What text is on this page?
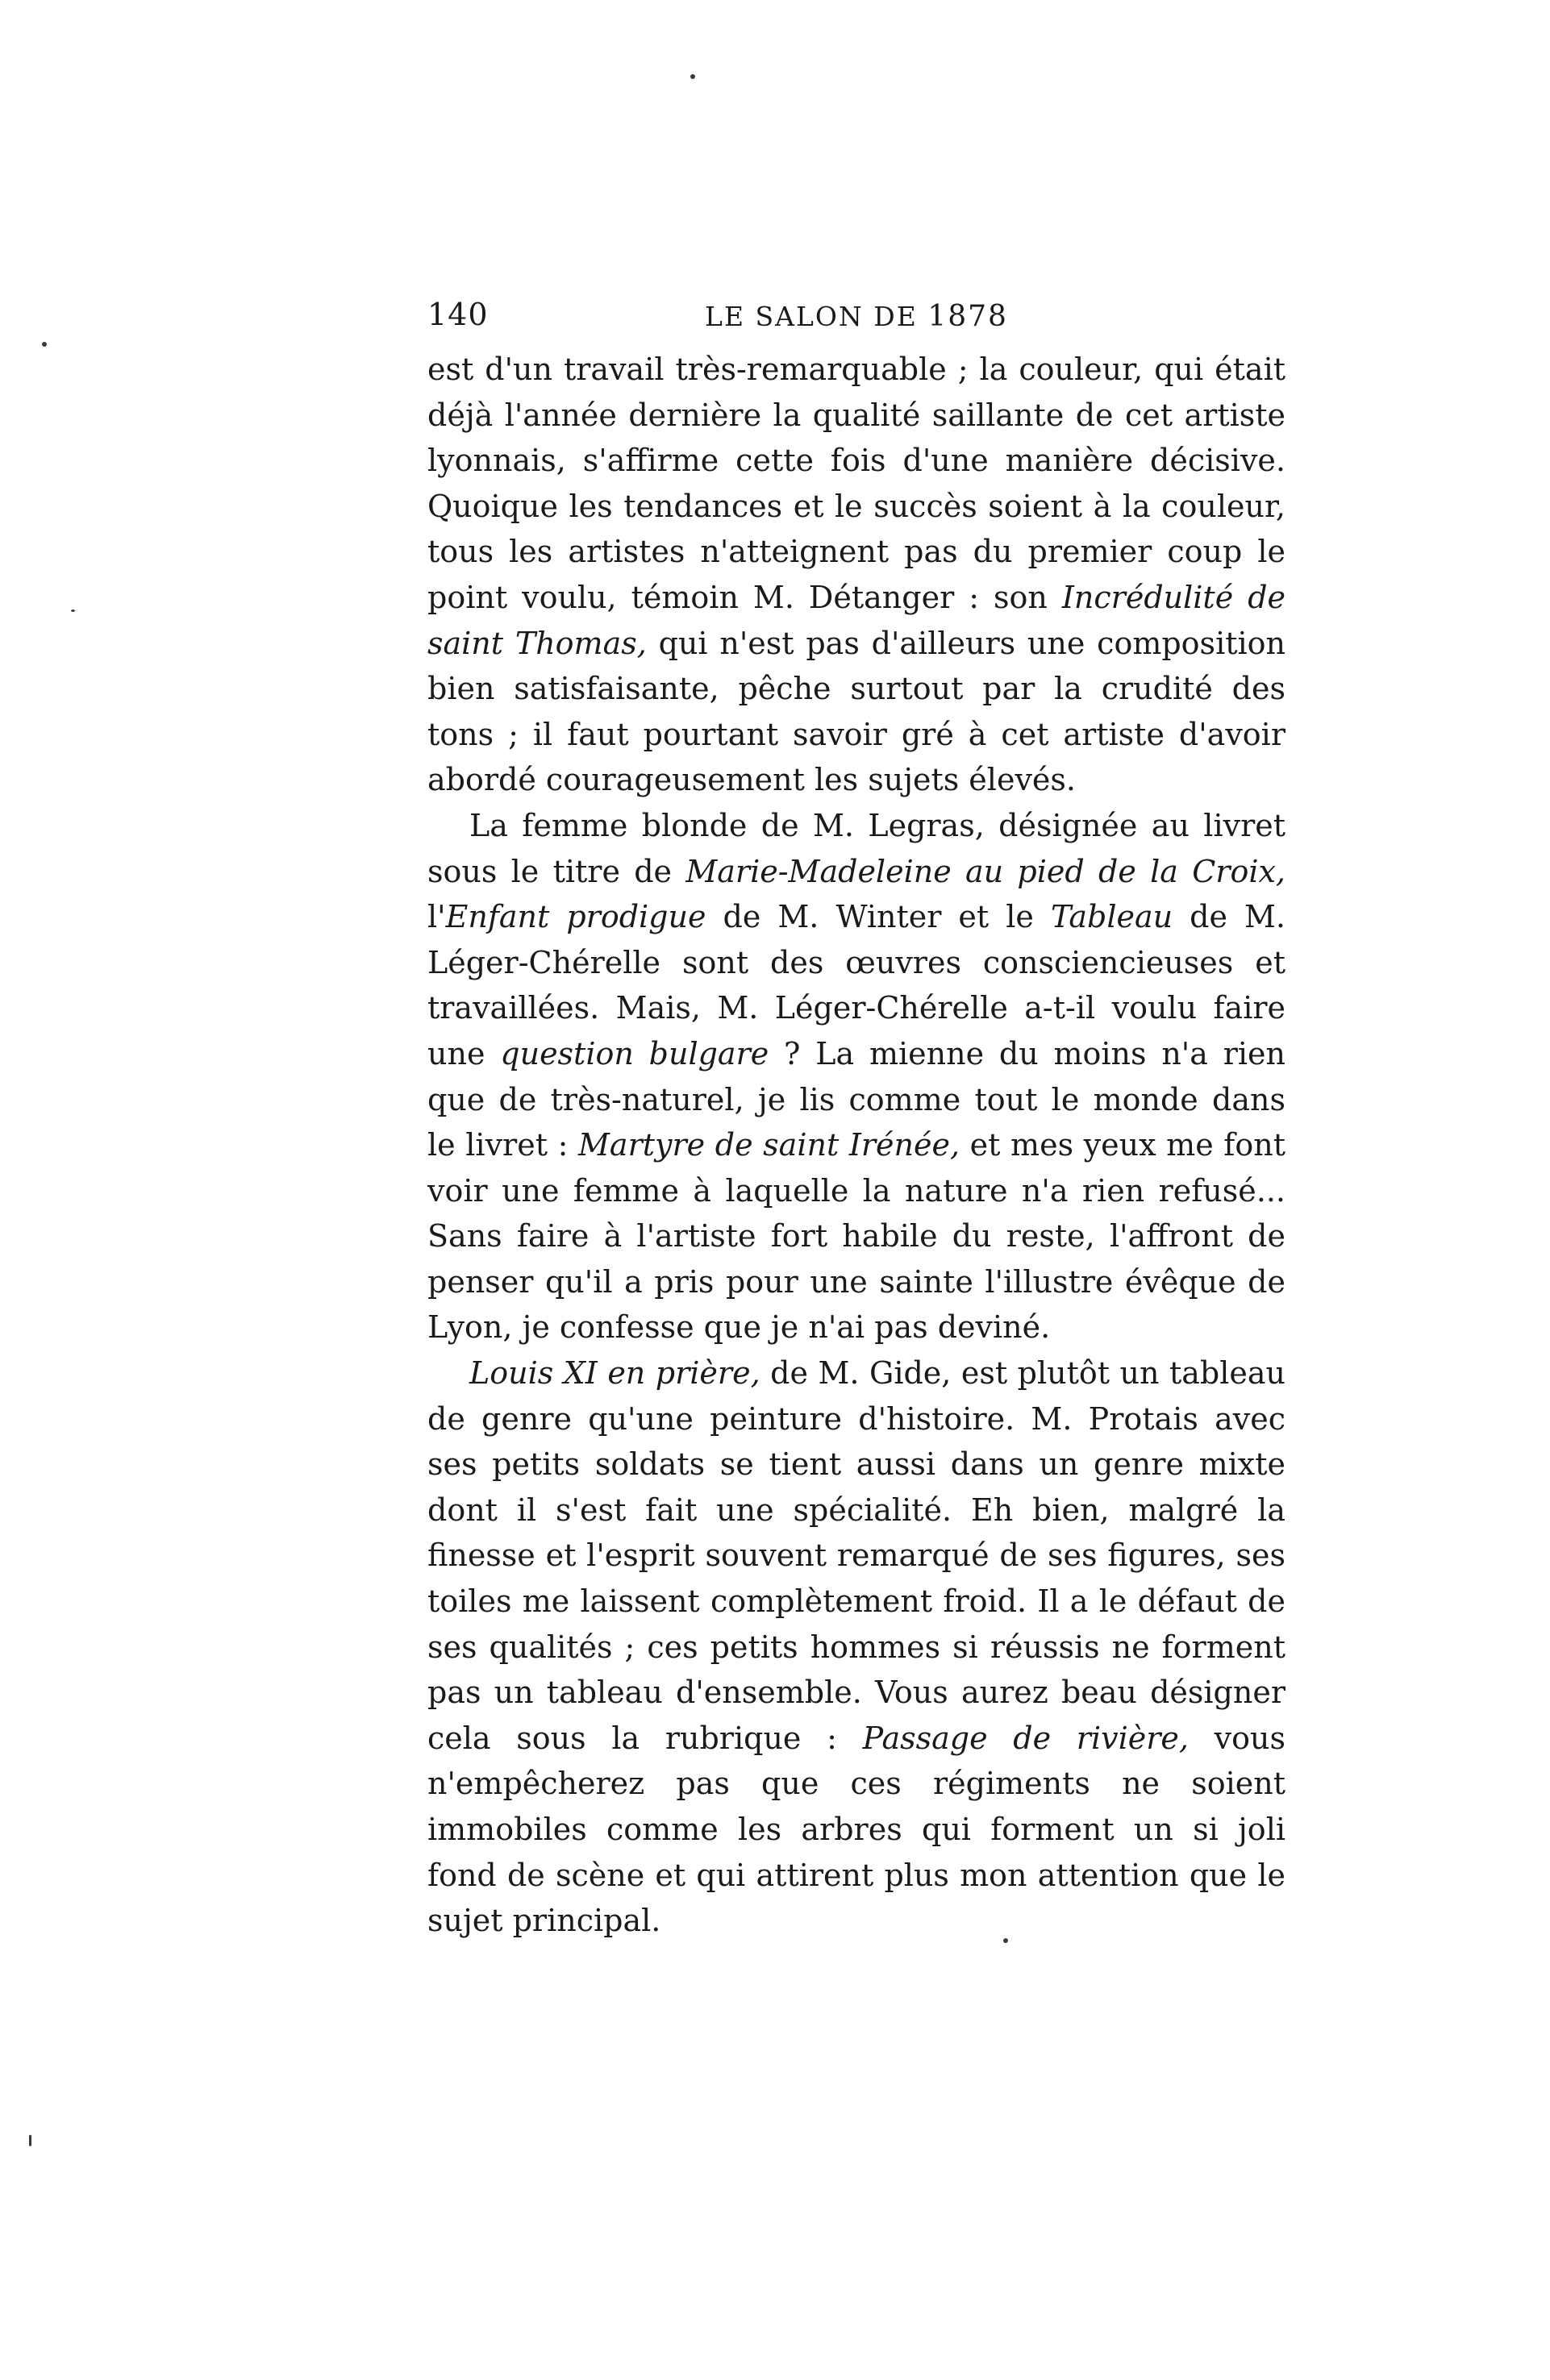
140	LE SALON DE 1878

est d'un travail très-remarquable ; la couleur, qui était déjà l'année dernière la qualité saillante de cet artiste lyonnais, s'affirme cette fois d'une manière décisive. Quoique les tendances et le succès soient à la couleur, tous les artistes n'atteignent pas du premier coup le point voulu, témoin M. Détanger : son Incrédulité de saint Thomas, qui n'est pas d'ailleurs une composition bien satisfaisante, pêche surtout par la crudité des tons ; il faut pourtant savoir gré à cet artiste d'avoir abordé courageusement les sujets élevés.

La femme blonde de M. Legras, désignée au livret sous le titre de Marie-Madeleine au pied de la Croix, l'Enfant prodigue de M. Winter et le Tableau de M. Léger-Chérelle sont des œuvres consciencieuses et travaillées. Mais, M. Léger-Chérelle a-t-il voulu faire une question bulgare ? La mienne du moins n'a rien que de très-naturel, je lis comme tout le monde dans le livret : Martyre de saint Irénée, et mes yeux me font voir une femme à laquelle la nature n'a rien refusé... Sans faire à l'artiste fort habile du reste, l'affront de penser qu'il a pris pour une sainte l'illustre évêque de Lyon, je confesse que je n'ai pas deviné.

Louis XI en prière, de M. Gide, est plutôt un tableau de genre qu'une peinture d'histoire. M. Protais avec ses petits soldats se tient aussi dans un genre mixte dont il s'est fait une spécialité. Eh bien, malgré la finesse et l'esprit souvent remarqué de ses figures, ses toiles me laissent complètement froid. Il a le défaut de ses qualités ; ces petits hommes si réussis ne forment pas un tableau d'ensemble. Vous aurez beau désigner cela sous la rubrique : Passage de rivière, vous n'empêcherez pas que ces régiments ne soient immobiles comme les arbres qui forment un si joli fond de scène et qui attirent plus mon attention que le sujet principal.
